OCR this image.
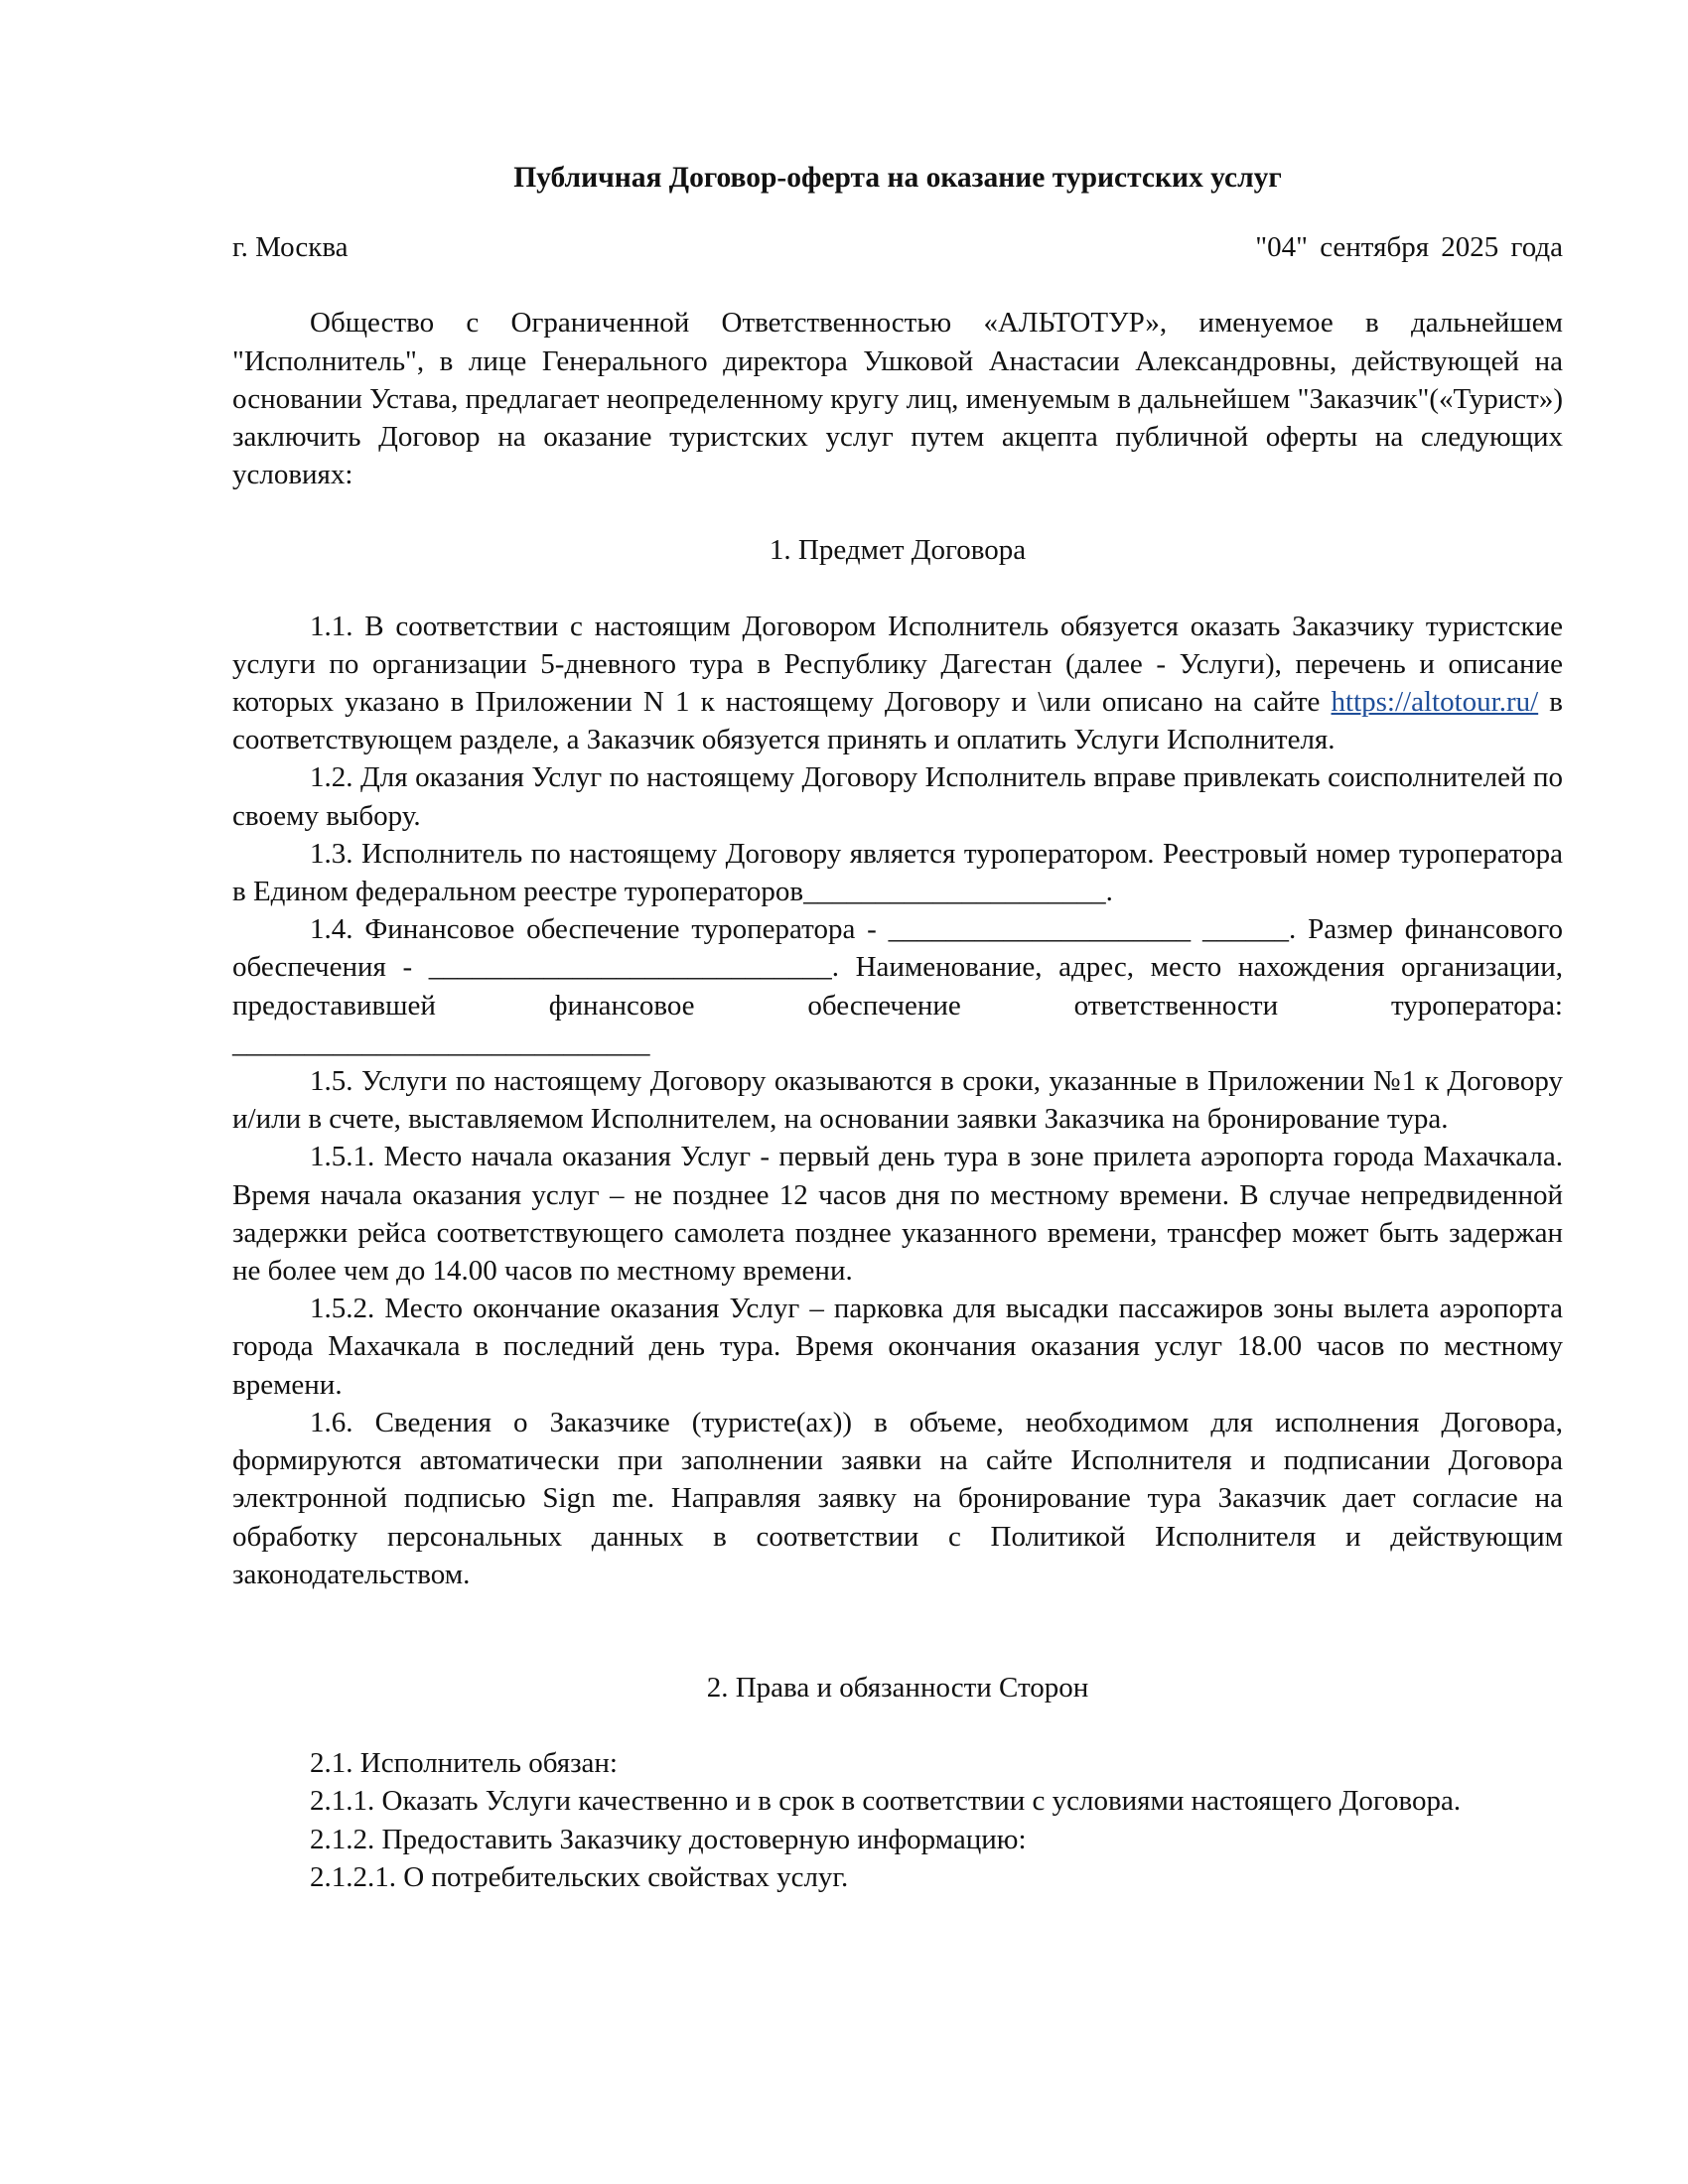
Публичная Договор-оферта на оказание туристских услуг
г. Москва	"04" сентября 2025 года

Общество с Ограниченной Ответственностью «АЛЬТОТУР», именуемое в дальнейшем "Исполнитель", в лице Генерального директора Ушковой Анастасии Александровны, действующей на основании Устава, предлагает неопределенному кругу лиц, именуемым в дальнейшем "Заказчик"(«Турист») заключить Договор на оказание туристских услуг путем акцепта публичной оферты на следующих условиях:

1. Предмет Договора

1.1. В соответствии с настоящим Договором Исполнитель обязуется оказать Заказчику туристские услуги по организации 5-дневного тура в Республику Дагестан (далее - Услуги), перечень и описание которых указано в Приложении N 1 к настоящему Договору и \или описано на сайте https://altotour.ru/ в соответствующем разделе, а Заказчик обязуется принять и оплатить Услуги Исполнителя.

1.2. Для оказания Услуг по настоящему Договору Исполнитель вправе привлекать соисполнителей по своему выбору.

1.3. Исполнитель по настоящему Договору является туроператором. Реестровый номер туроператора в Едином федеральном реестре туроператоров_____________________.

1.4. Финансовое обеспечение туроператора - _____________________ ______. Размер финансового обеспечения - ____________________________. Наименование, адрес, место нахождения организации, предоставившей финансовое обеспечение ответственности туроператора: _____________________________

1.5. Услуги по настоящему Договору оказываются в сроки, указанные в Приложении №1 к Договору и/или в счете, выставляемом Исполнителем, на основании заявки Заказчика на бронирование тура.

1.5.1. Место начала оказания Услуг - первый день тура в зоне прилета аэропорта города Махачкала. Время начала оказания услуг – не позднее 12 часов дня по местному времени. В случае непредвиденной задержки рейса соответствующего самолета позднее указанного времени, трансфер может быть задержан не более чем до 14.00 часов по местному времени.

1.5.2. Место окончание оказания Услуг – парковка для высадки пассажиров зоны вылета аэропорта города Махачкала в последний день тура. Время окончания оказания услуг 18.00 часов по местному времени.

1.6. Сведения о Заказчике (туристе(ах)) в объеме, необходимом для исполнения Договора, формируются автоматически при заполнении заявки на сайте Исполнителя и подписании Договора электронной подписью Sign me. Направляя заявку на бронирование тура Заказчик дает согласие на обработку персональных данных в соответствии с Политикой Исполнителя и действующим законодательством.

2. Права и обязанности Сторон

2.1. Исполнитель обязан:

2.1.1. Оказать Услуги качественно и в срок в соответствии с условиями настоящего Договора.

2.1.2. Предоставить Заказчику достоверную информацию:

2.1.2.1. О потребительских свойствах услуг.
